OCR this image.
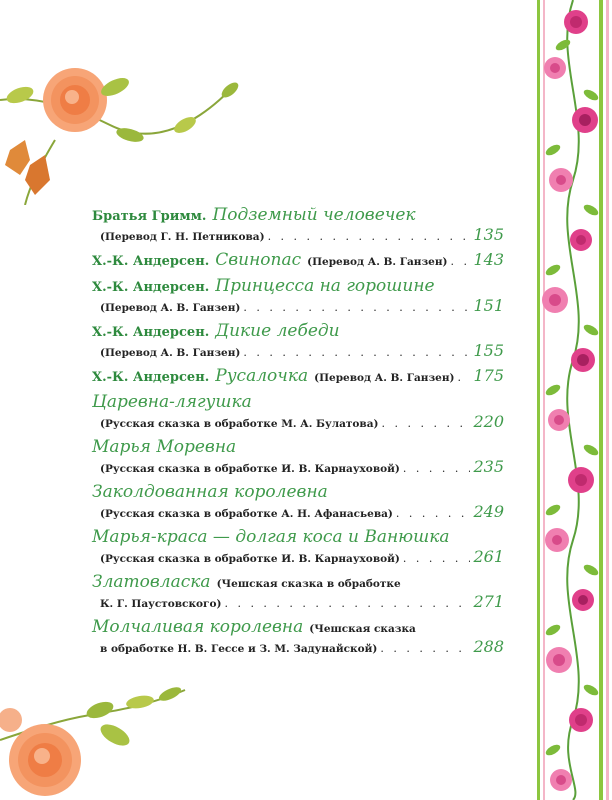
Братья Гримм. Подземный человечек
(Перевод Г. Н. Петникова) . . .	135
Х.-К. Андерсен. Свинопас (Перевод А. В. Ганзен) . . . 143
Х.-К. Андерсен. Принцесса на горошине
(Перевод А. В. Ганзен) . . .	151
Х.-К. Андерсен. Дикие лебеди
(Перевод А. В. Ганзен) . . .	155
Х.-К. Андерсен. Русалочка (Перевод А. В. Ганзен) . . . 175
Царевна-лягушка
(Русская сказка в обработке М. А. Булатова) . . .	220
Марья Моревна
(Русская сказка в обработке И. В. Карнауховой) . . .	235
Заколдованная королевна
(Русская сказка в обработке А. Н. Афанасьева) . . .	249
Марья-краса — долгая коса и Ванюшка
(Русская сказка в обработке И. В. Карнауховой) . . .	261
Златовласка (Чешская сказка в обработке
К. Г. Паустовского) . . .	271
Молчаливая королевна (Чешская сказка
в обработке Н. В. Гессе и З. М. Задунайской) . . .	288
